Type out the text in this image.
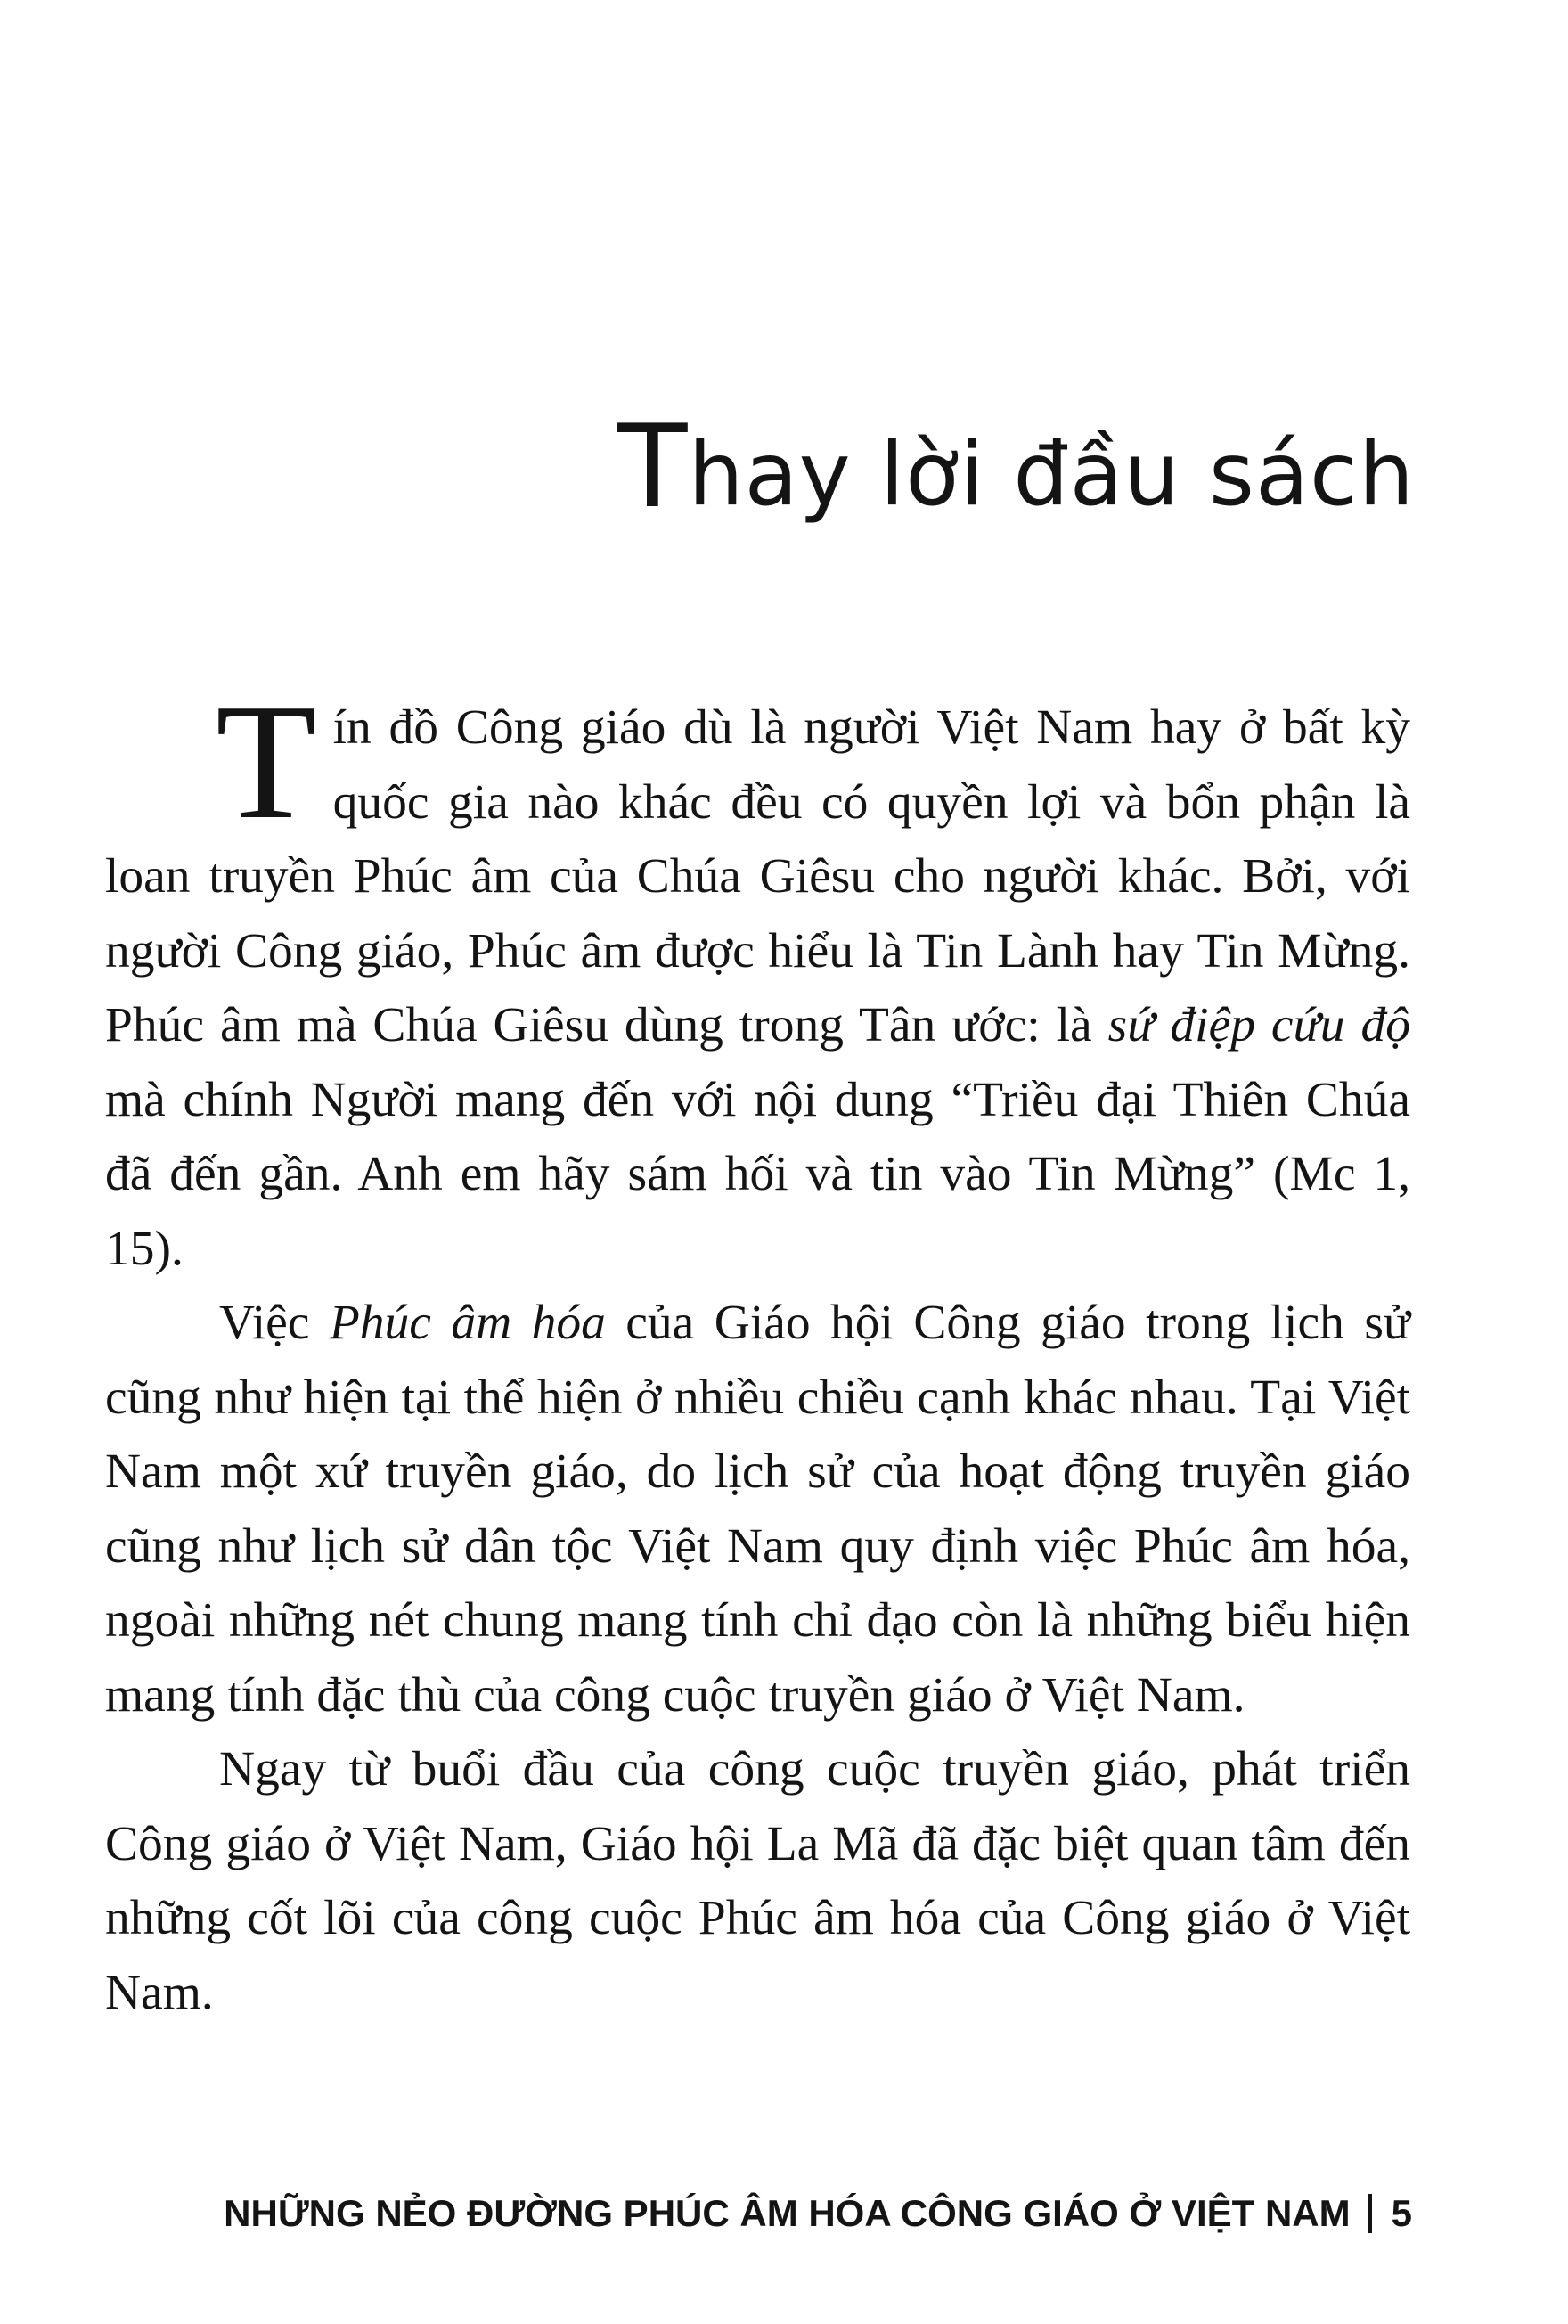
Thay lời đầu sách

Tín đồ Công giáo dù là người Việt Nam hay ở bất kỳ quốc gia nào khác đều có quyền lợi và bổn phận là loan truyền Phúc âm của Chúa Giêsu cho người khác. Bởi, với người Công giáo, Phúc âm được hiểu là Tin Lành hay Tin Mừng. Phúc âm mà Chúa Giêsu dùng trong Tân ước: là sứ điệp cứu độ mà chính Người mang đến với nội dung “Triều đại Thiên Chúa đã đến gần. Anh em hãy sám hối và tin vào Tin Mừng” (Mc 1, 15).

Việc Phúc âm hóa của Giáo hội Công giáo trong lịch sử cũng như hiện tại thể hiện ở nhiều chiều cạnh khác nhau. Tại Việt Nam một xứ truyền giáo, do lịch sử của hoạt động truyền giáo cũng như lịch sử dân tộc Việt Nam quy định việc Phúc âm hóa, ngoài những nét chung mang tính chỉ đạo còn là những biểu hiện mang tính đặc thù của công cuộc truyền giáo ở Việt Nam.

Ngay từ buổi đầu của công cuộc truyền giáo, phát triển Công giáo ở Việt Nam, Giáo hội La Mã đã đặc biệt quan tâm đến những cốt lõi của công cuộc Phúc âm hóa của Công giáo ở Việt Nam.

NHỮNG NẺO ĐƯỜNG PHÚC ÂM HÓA CÔNG GIÁO Ở VIỆT NAM 5
